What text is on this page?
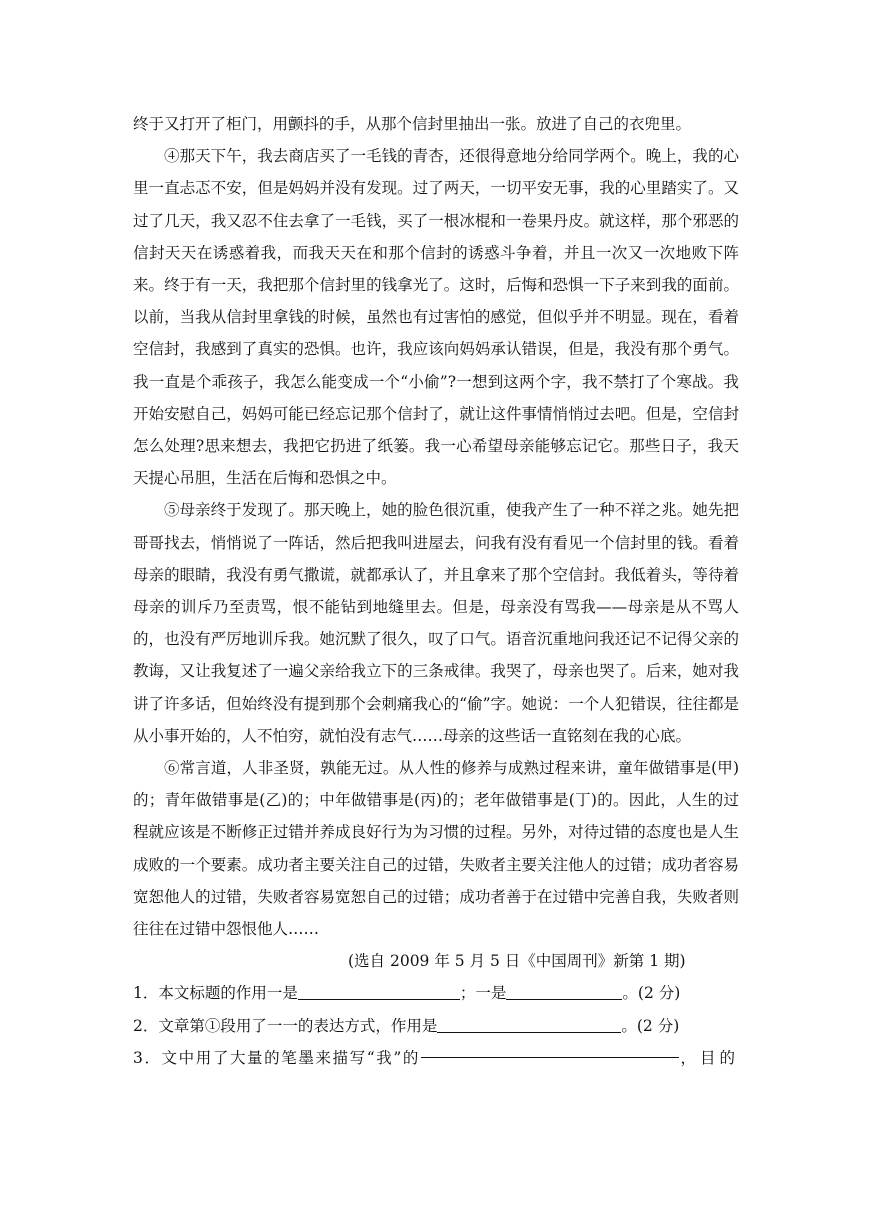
终于又打开了柜门，用颤抖的手，从那个信封里抽出一张。放进了自己的衣兜里。

④那天下午，我去商店买了一毛钱的青杏，还很得意地分给同学两个。晚上，我的心里一直忐忑不安，但是妈妈并没有发现。过了两天，一切平安无事，我的心里踏实了。又过了几天，我又忍不住去拿了一毛钱，买了一根冰棍和一卷果丹皮。就这样，那个邪恶的信封天天在诱惑着我，而我天天在和那个信封的诱惑斗争着，并且一次又一次地败下阵来。终于有一天，我把那个信封里的钱拿光了。这时，后悔和恐惧一下子来到我的面前。以前，当我从信封里拿钱的时候，虽然也有过害怕的感觉，但似乎并不明显。现在，看着空信封，我感到了真实的恐惧。也许，我应该向妈妈承认错误，但是，我没有那个勇气。我一直是个乖孩子，我怎么能变成一个“小偷”?一想到这两个字，我不禁打了个寒战。我开始安慰自己，妈妈可能已经忘记那个信封了，就让这件事情悄悄过去吧。但是，空信封怎么处理?思来想去，我把它扔进了纸篓。我一心希望母亲能够忘记它。那些日子，我天天提心吊胆，生活在后悔和恐惧之中。

⑤母亲终于发现了。那天晚上，她的脸色很沉重，使我产生了一种不祥之兆。她先把哥哥找去，悄悄说了一阵话，然后把我叫进屋去，问我有没有看见一个信封里的钱。看着母亲的眼睛，我没有勇气撒谎，就都承认了，并且拿来了那个空信封。我低着头，等待着母亲的训斥乃至责骂，恨不能钻到地缝里去。但是，母亲没有骂我——母亲是从不骂人的，也没有严厉地训斥我。她沉默了很久，叹了口气。语音沉重地问我还记不记得父亲的教诲，又让我复述了一遍父亲给我立下的三条戒律。我哭了，母亲也哭了。后来，她对我讲了许多话，但始终没有提到那个会刺痛我心的“偷”字。她说：一个人犯错误，往往都是从小事开始的，人不怕穷，就怕没有志气……母亲的这些话一直铭刻在我的心底。

⑥常言道，人非圣贤，孰能无过。从人性的修养与成熟过程来讲，童年做错事是(甲)的；青年做错事是(乙)的；中年做错事是(丙)的；老年做错事是(丁)的。因此，人生的过程就应该是不断修正过错并养成良好行为为习惯的过程。另外，对待过错的态度也是人生成败的一个要素。成功者主要关注自己的过错，失败者主要关注他人的过错；成功者容易宽恕他人的过错，失败者容易宽恕自己的过错；成功者善于在过错中完善自我，失败者则往往在过错中怨恨他人……

(选自 2009 年 5 月 5 日《中国周刊》新第 1 期)

1．本文标题的作用一是	；一是	。(2 分)

2．文章第①段用了一一的表达方式，作用是	。(2 分)

3．文中用了大量的笔墨来描写“我”的	，目的
